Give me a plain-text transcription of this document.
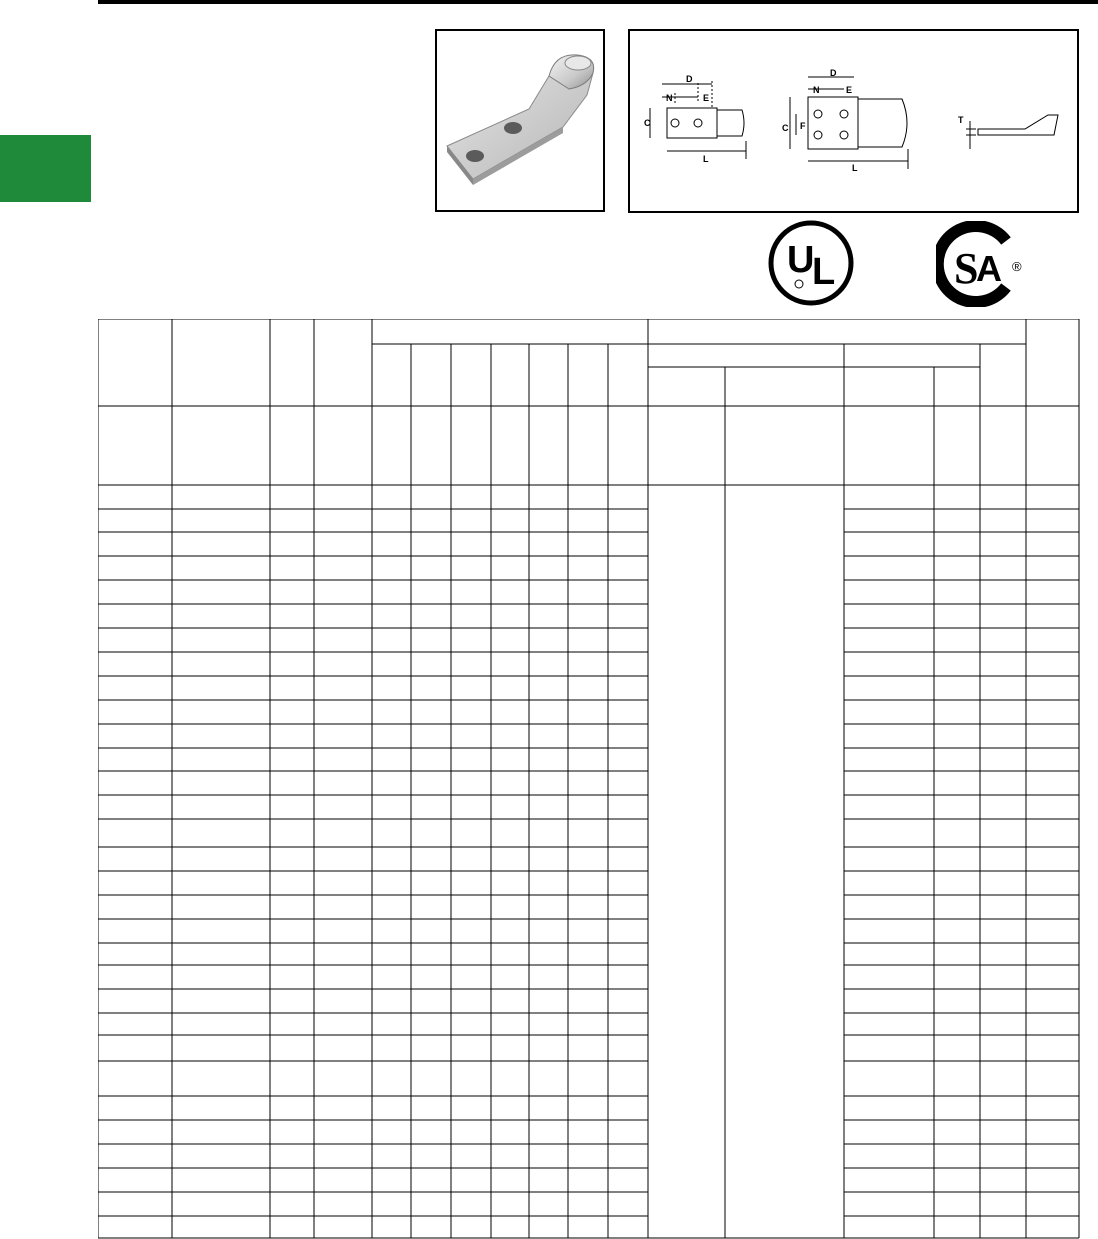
D
N	E
C
L
D
N	E
C F
L
T
U
L	S
A ®
